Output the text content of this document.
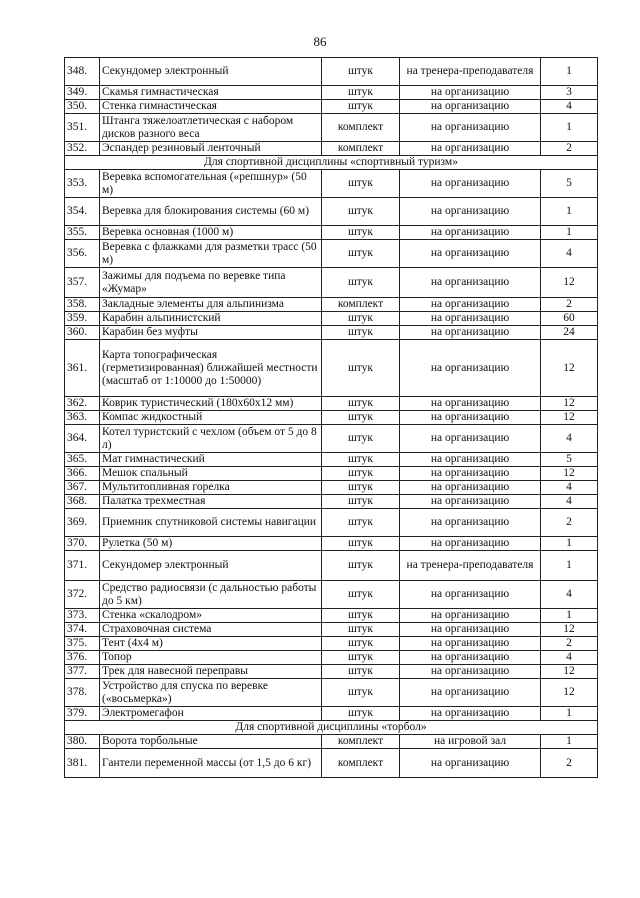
86
348.	Секундомер электронный	штук	на тренера-преподавателя	1
349.	Скамья гимнастическая	штук	на организацию	3
350.	Стенка гимнастическая	штук	на организацию	4
351.	Штанга тяжелоатлетическая с набором дисков разного веса	комплект	на организацию	1
352.	Эспандер резиновый ленточный	комплект	на организацию	2
Для спортивной дисциплины «спортивный туризм»				
353.	Веревка вспомогательная («репшнур» (50 м)	штук	на организацию	5
354.	Веревка для блокирования системы (60 м)	штук	на организацию	1
355.	Веревка основная (1000 м)	штук	на организацию	1
356.	Веревка с флажками для разметки трасс (50 м)	штук	на организацию	4
357.	Зажимы для подъема по веревке типа «Жумар»	штук	на организацию	12
358.	Закладные элементы для альпинизма	комплект	на организацию	2
359.	Карабин альпинистский	штук	на организацию	60
360.	Карабин без муфты	штук	на организацию	24
361.	Карта топографическая (герметизированная) ближайшей местности (масштаб от 1:10000 до 1:50000)	штук	на организацию	12
362.	Коврик туристический (180х60х12 мм)	штук	на организацию	12
363.	Компас жидкостный	штук	на организацию	12
364.	Котел туристский с чехлом (объем от 5 до 8 л)	штук	на организацию	4
365.	Мат гимнастический	штук	на организацию	5
366.	Мешок спальный	штук	на организацию	12
367.	Мультитопливная горелка	штук	на организацию	4
368.	Палатка трехместная	штук	на организацию	4
369.	Приемник спутниковой системы навигации	штук	на организацию	2
370.	Рулетка (50 м)	штук	на организацию	1
371.	Секундомер электронный	штук	на тренера-преподавателя	1
372.	Средство радиосвязи (с дальностью работы до 5 км)	штук	на организацию	4
373.	Стенка «скалодром»	штук	на организацию	1
374.	Страховочная система	штук	на организацию	12
375.	Тент (4х4 м)	штук	на организацию	2
376.	Топор	штук	на организацию	4
377.	Трек для навесной переправы	штук	на организацию	12
378.	Устройство для спуска по веревке («восьмерка»)	штук	на организацию	12
379.	Электромегафон	штук	на организацию	1
Для спортивной дисциплины «торбол»				
380.	Ворота торбольные	комплект	на игровой зал	1
381.	Гантели переменной массы (от 1,5 до 6 кг)	комплект	на организацию	2
